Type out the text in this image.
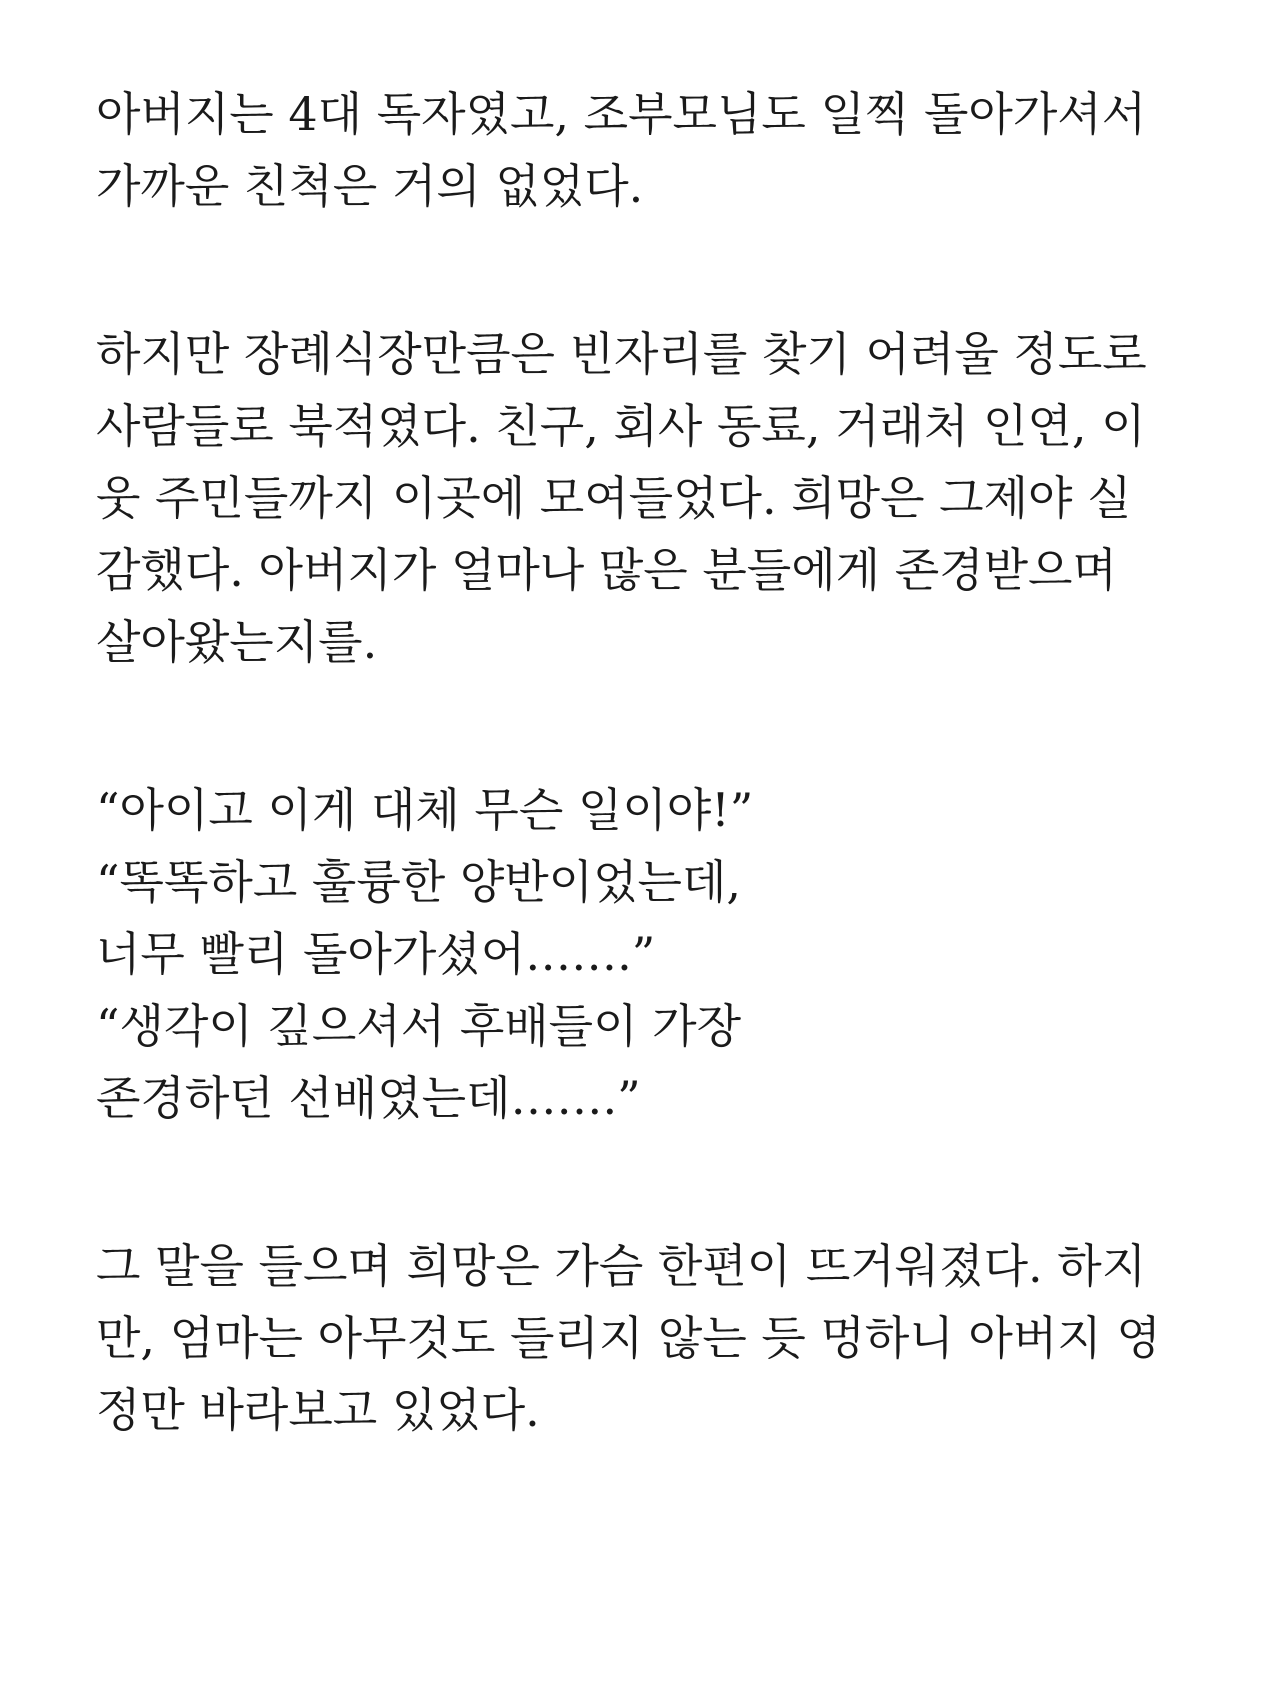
아버지는 4대 독자였고, 조부모님도 일찍 돌아가셔서
가까운 친척은 거의 없었다.
하지만 장례식장만큼은 빈자리를 찾기 어려울 정도로
사람들로 북적였다. 친구, 회사 동료, 거래처 인연, 이
웃 주민들까지 이곳에 모여들었다. 희망은 그제야 실
감했다. 아버지가 얼마나 많은 분들에게 존경받으며
살아왔는지를.
“아이고 이게 대체 무슨 일이야!”
“똑똑하고 훌륭한 양반이었는데,
너무 빨리 돌아가셨어…….”
“생각이 깊으셔서 후배들이 가장
존경하던 선배였는데…….”
그 말을 들으며 희망은 가슴 한편이 뜨거워졌다. 하지
만, 엄마는 아무것도 들리지 않는 듯 멍하니 아버지 영
정만 바라보고 있었다.
